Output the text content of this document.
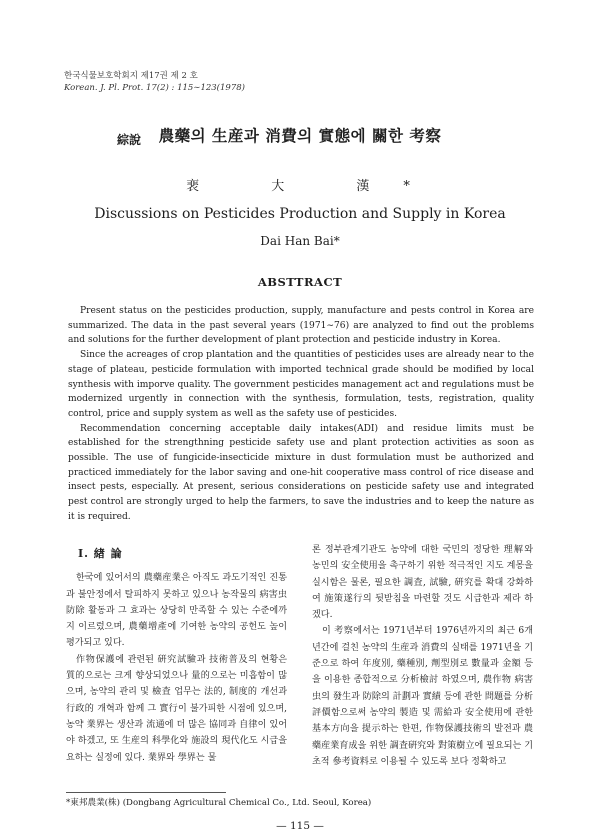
한국식물보호학회지 제17권 제 2 호
Korean. J. Pl. Prot. 17(2) : 115∼123(1978)
綜說	農藥의 生産과 消費의 實態에 關한 考察
裵 大 漢*
Discussions on Pesticides Production and Supply in Korea
Dai Han Bai*
ABSTTRACT

Present status on the pesticides production, supply, manufacture and pests control in Korea are summarized. The data in the past several years (1971∼76) are analyzed to find out the problems and solutions for the further development of plant protection and pesticide industry in Korea.

Since the acreages of crop plantation and the quantities of pesticides uses are already near to the stage of plateau, pesticide formulation with imported technical grade should be modified by local synthesis with imporve quality. The government pesticides management act and regulations must be modernized urgently in connection with the synthesis, formulation, tests, registration, quality control, price and supply system as well as the safety use of pesticides.

Recommendation concerning acceptable daily intakes(ADI) and residue limits must be established for the strengthning pesticide safety use and plant protection activities as soon as possible. The use of fungicide-insecticide mixture in dust formulation must be authorized and practiced immediately for the labor saving and one-hit cooperative mass control of rice disease and insect pests, especially. At present, serious considerations on pesticide safety use and integrated pest control are strongly urged to help the farmers, to save the industries and to keep the nature as it is required.

I. 緖 論

한국에 있어서의 農藥産業은 아직도 과도기적인 진통과 불안정에서 탈피하지 못하고 있으나 농작물의 病害虫防除 활동과 그 효과는 상당히 만족할 수 있는 수준에까지 이르렀으며, 農藥增產에 기여한 농약의 공헌도 높이 평가되고 있다.

作物保護에 관련된 硏究試驗과 技術普及의 현황은 質的으로는 크게 향상되었으나 量的으로는 미흡함이 많으며, 농약의 관리 및 檢査 업무는 法的, 制度的 개선과 行政的 개혁과 함께 그 實行이 불가피한 시점에 있으며, 농약 業界는 생산과 流通에 더 많은 協同과 自律이 있어야 하겠고, 또 生産의 科學化와 施設의 現代化도 시급을 요하는 실정에 있다. 業界와 學界는 물

론 정부관계기관도 농약에 대한 국민의 정당한 理解와 농민의 安全使用을 촉구하기 위한 적극적인 지도 계몽을 실시함은 물론, 필요한 調査, 試驗, 硏究를 확대 강화하여 施策遂行의 뒷받침을 마련할 것도 시급한과 제라 하겠다.

이 考察에서는 1971년부터 1976년까지의 최근 6개년간에 걸친 농약의 生産과 消費의 실태를 1971년을 기준으로 하여 年度別, 藥種別, 劑型別로 數量과 金額 등을 이용한 종합적으로 分析檢討 하였으며, 農作物 病害虫의 發生과 防除의 計劃과 實績 등에 관한 問題를 分析評價함으로써 농약의 製造 및 需給과 安全使用에 관한 基本方向을 提示하는 한편, 作物保護技術의 발전과 農藥産業育成을 위한 調査硏究와 對策樹立에 필요되는 기초적 參考資料로 이용될 수 있도록 보다 정확하고

*東邦農業(株) (Dongbang Agricultural Chemical Co., Ltd. Seoul, Korea)
— 115 —
